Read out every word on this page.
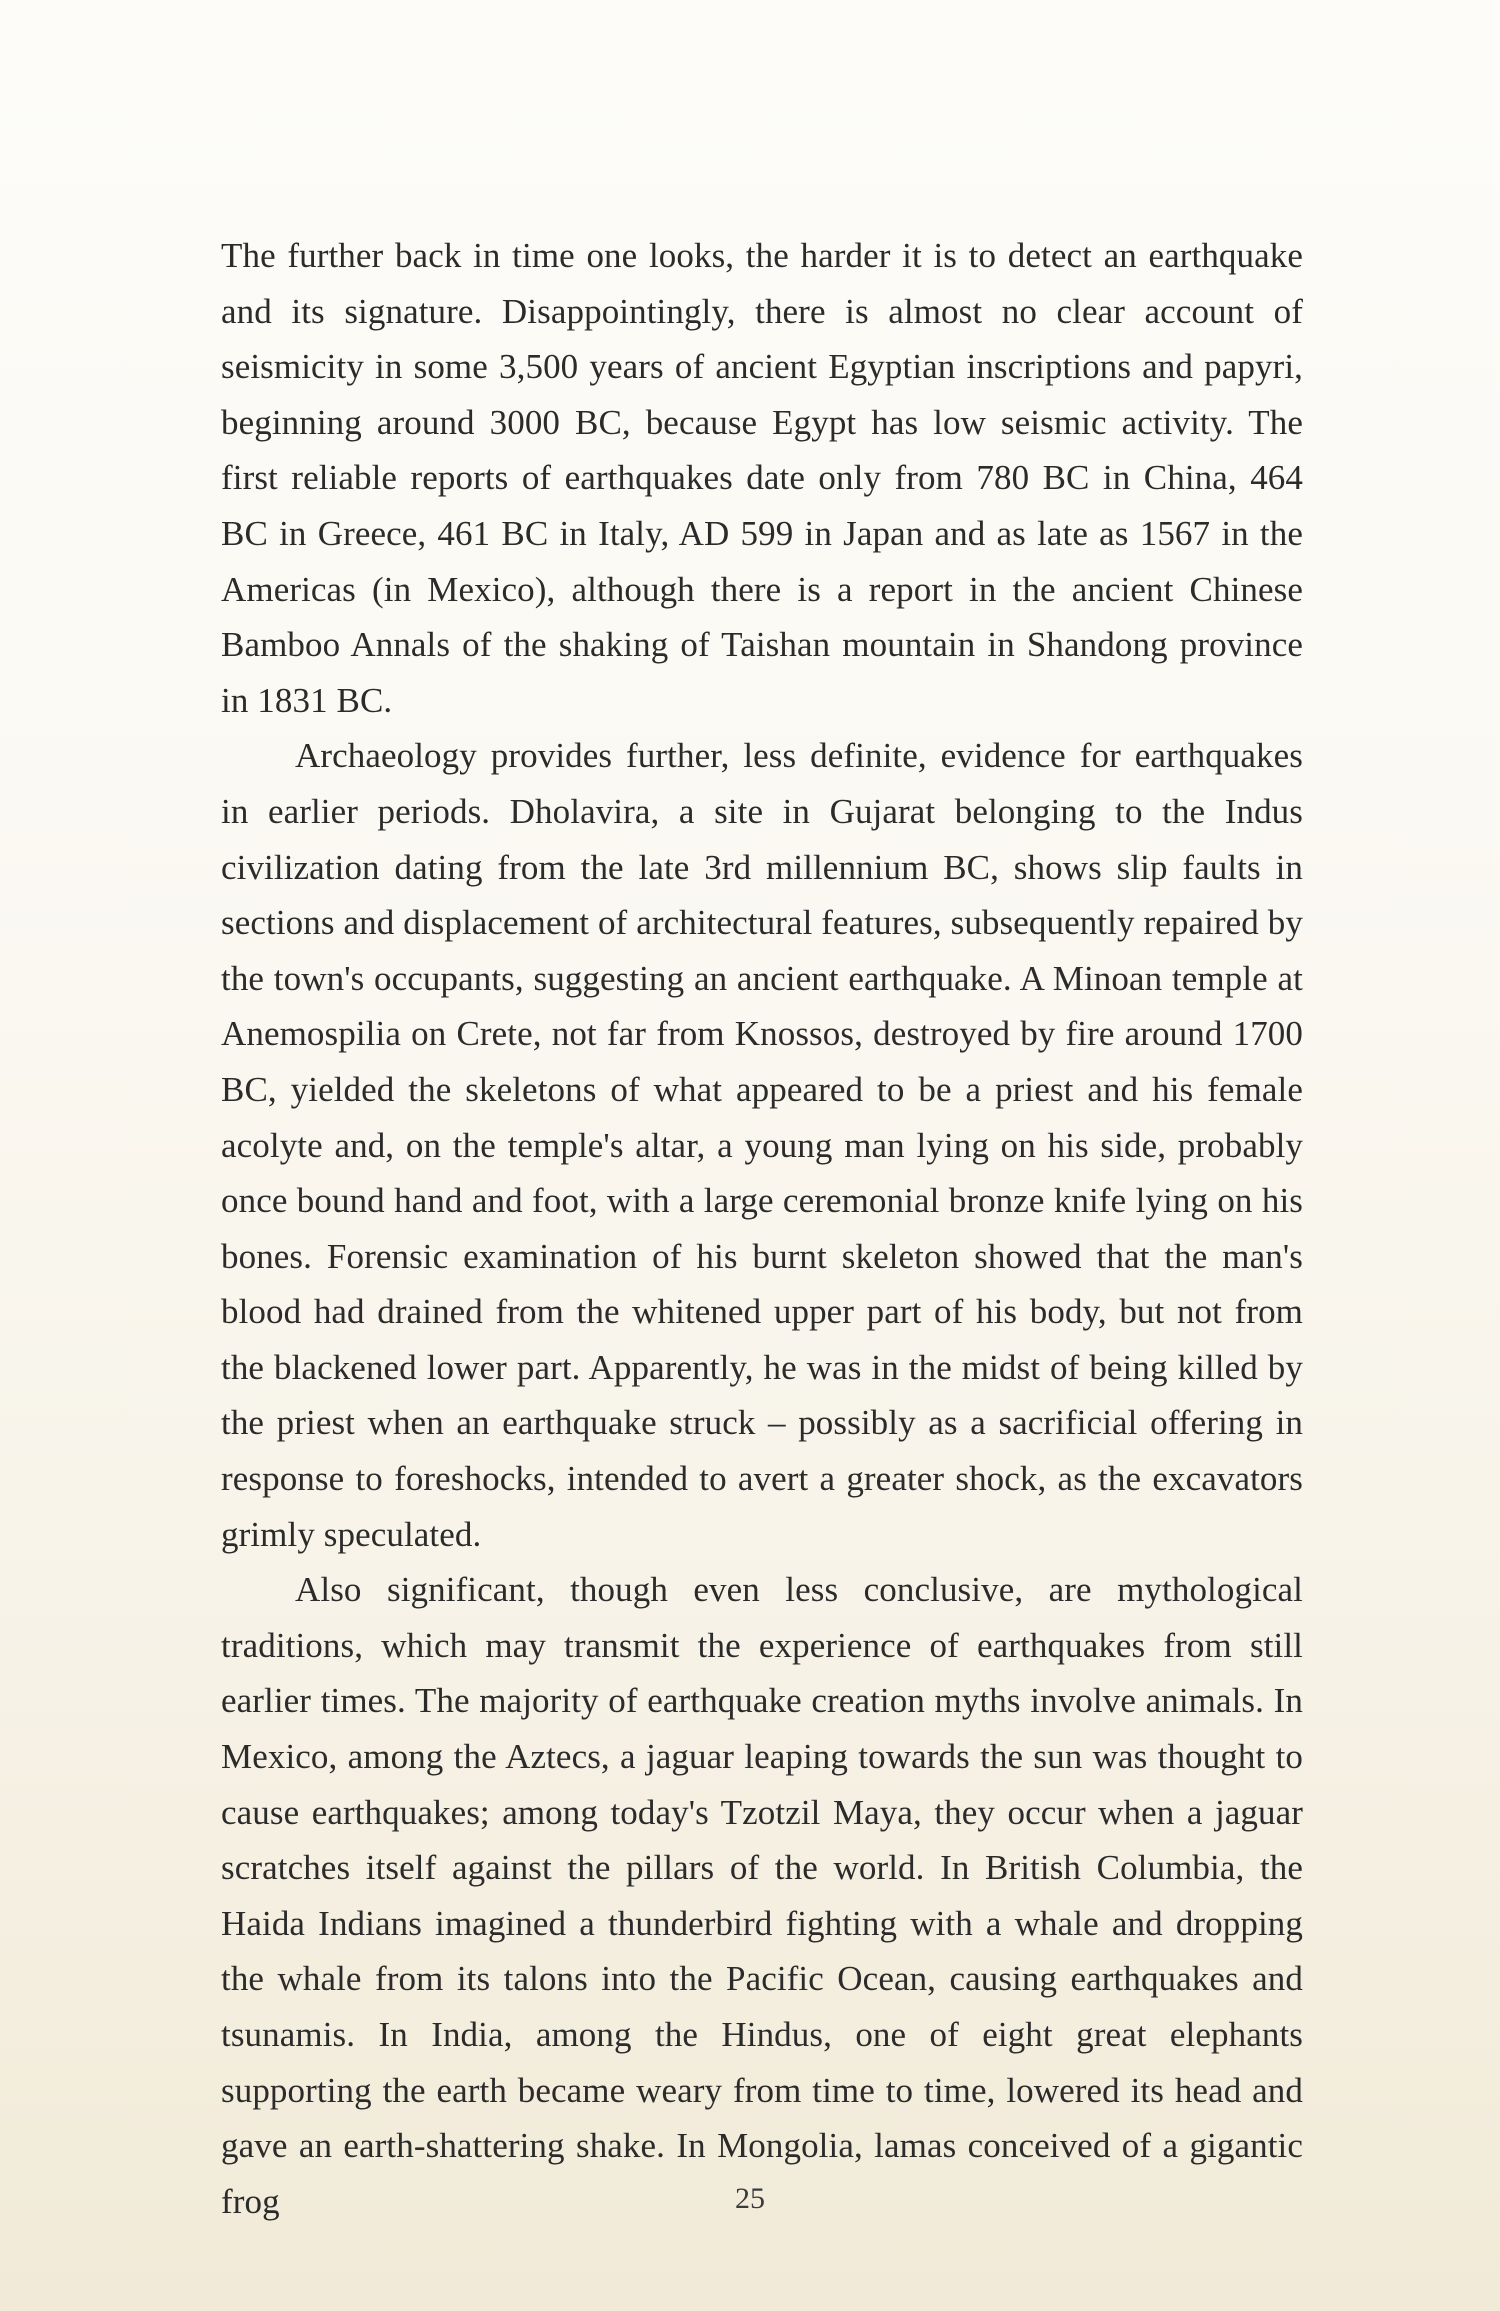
The further back in time one looks, the harder it is to detect an earthquake and its signature. Disappointingly, there is almost no clear account of seismicity in some 3,500 years of ancient Egyptian inscriptions and papyri, beginning around 3000 BC, because Egypt has low seismic activity. The first reliable reports of earthquakes date only from 780 BC in China, 464 BC in Greece, 461 BC in Italy, AD 599 in Japan and as late as 1567 in the Americas (in Mexico), although there is a report in the ancient Chinese Bamboo Annals of the shaking of Taishan mountain in Shandong province in 1831 BC.

Archaeology provides further, less definite, evidence for earthquakes in earlier periods. Dholavira, a site in Gujarat belonging to the Indus civilization dating from the late 3rd millennium BC, shows slip faults in sections and displacement of architectural features, subsequently repaired by the town's occupants, suggesting an ancient earthquake. A Minoan temple at Anemospilia on Crete, not far from Knossos, destroyed by fire around 1700 BC, yielded the skeletons of what appeared to be a priest and his female acolyte and, on the temple's altar, a young man lying on his side, probably once bound hand and foot, with a large ceremonial bronze knife lying on his bones. Forensic examination of his burnt skeleton showed that the man's blood had drained from the whitened upper part of his body, but not from the blackened lower part. Apparently, he was in the midst of being killed by the priest when an earthquake struck – possibly as a sacrificial offering in response to foreshocks, intended to avert a greater shock, as the excavators grimly speculated.

Also significant, though even less conclusive, are mythological traditions, which may transmit the experience of earthquakes from still earlier times. The majority of earthquake creation myths involve animals. In Mexico, among the Aztecs, a jaguar leaping towards the sun was thought to cause earthquakes; among today's Tzotzil Maya, they occur when a jaguar scratches itself against the pillars of the world. In British Columbia, the Haida Indians imagined a thunderbird fighting with a whale and dropping the whale from its talons into the Pacific Ocean, causing earthquakes and tsunamis. In India, among the Hindus, one of eight great elephants supporting the earth became weary from time to time, lowered its head and gave an earth-shattering shake. In Mongolia, lamas conceived of a gigantic frog	25
